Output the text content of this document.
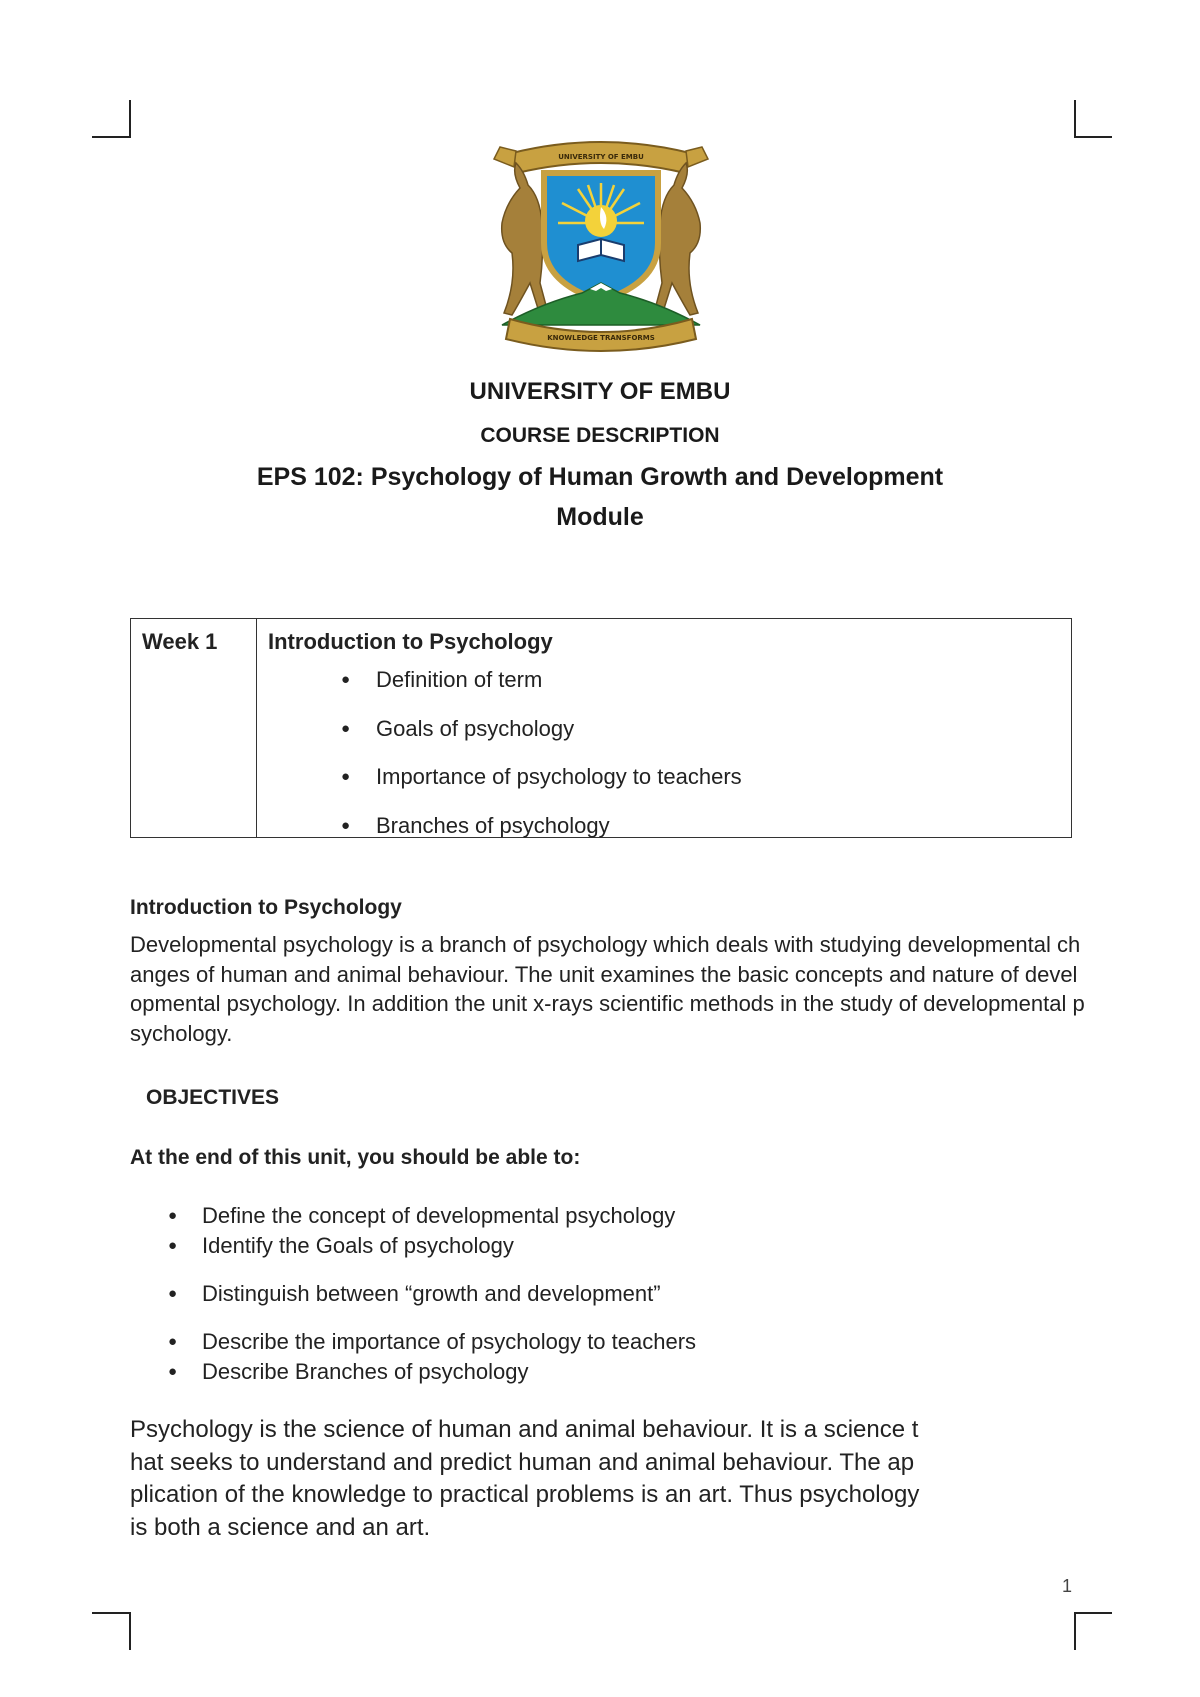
UNIVERSITY OF EMBU
KNOWLEDGE TRANSFORMS
UNIVERSITY OF EMBU
COURSE DESCRIPTION
EPS 102: Psychology of Human Growth and Development
Module
Week 1 Introduction to Psychology
● Definition of term
● Goals of psychology
● Importance of psychology to teachers
● Branches of psychology
Introduction to Psychology

Developmental psychology is a branch of psychology which deals with studying developmental changes of human and animal behaviour. The unit examines the basic concepts and nature of developmental psychology. In addition the unit x-rays scientific methods in the study of developmental psychology.

OBJECTIVES
At the end of this unit, you should be able to:
● Define the concept of developmental psychology
● Identify the Goals of psychology
● Distinguish between “growth and development”
● Describe the importance of psychology to teachers
● Describe Branches of psychology

Psychology is the science of human and animal behaviour. It is a science that seeks to understand and predict human and animal behaviour. The application of the knowledge to practical problems is an art. Thus psychology is both a science and an art.

1
